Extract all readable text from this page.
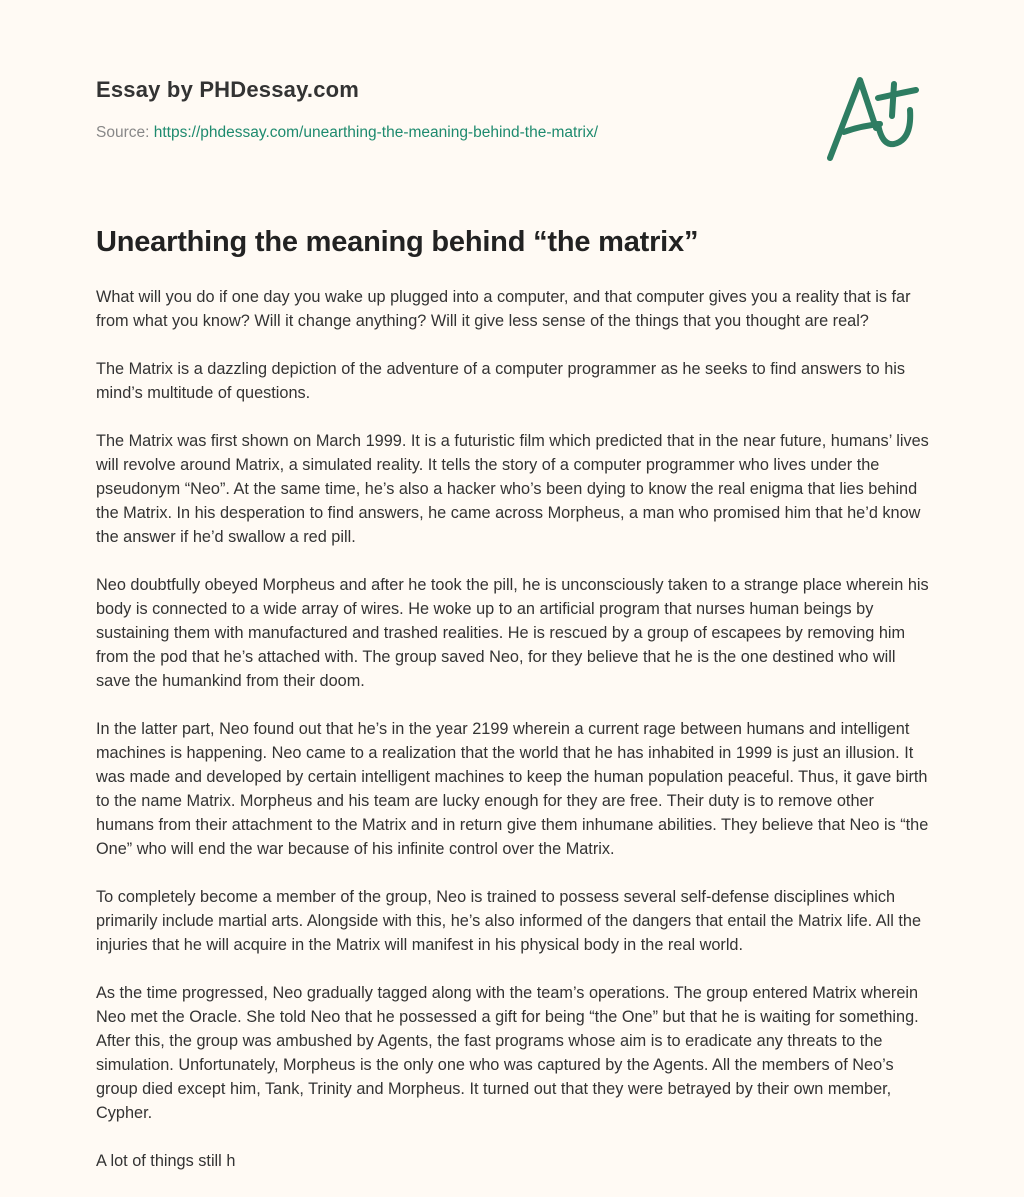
Essay by PHDessay.com
Source: https://phdessay.com/unearthing-the-meaning-behind-the-matrix/
Unearthing the meaning behind “the matrix”

What will you do if one day you wake up plugged into a computer, and that computer gives you a reality that is far from what you know? Will it change anything? Will it give less sense of the things that you thought are real?

The Matrix is a dazzling depiction of the adventure of a computer programmer as he seeks to find answers to his mind’s multitude of questions.

The Matrix was first shown on March 1999. It is a futuristic film which predicted that in the near future, humans’ lives will revolve around Matrix, a simulated reality. It tells the story of a computer programmer who lives under the pseudonym “Neo”. At the same time, he’s also a hacker who’s been dying to know the real enigma that lies behind the Matrix. In his desperation to find answers, he came across Morpheus, a man who promised him that he’d know the answer if he’d swallow a red pill.

Neo doubtfully obeyed Morpheus and after he took the pill, he is unconsciously taken to a strange place wherein his body is connected to a wide array of wires. He woke up to an artificial program that nurses human beings by sustaining them with manufactured and trashed realities. He is rescued by a group of escapees by removing him from the pod that he’s attached with. The group saved Neo, for they believe that he is the one destined who will save the humankind from their doom.

In the latter part, Neo found out that he’s in the year 2199 wherein a current rage between humans and intelligent machines is happening. Neo came to a realization that the world that he has inhabited in 1999 is just an illusion. It was made and developed by certain intelligent machines to keep the human population peaceful. Thus, it gave birth to the name Matrix. Morpheus and his team are lucky enough for they are free. Their duty is to remove other humans from their attachment to the Matrix and in return give them inhumane abilities. They believe that Neo is “the One” who will end the war because of his infinite control over the Matrix.

To completely become a member of the group, Neo is trained to possess several self-defense disciplines which primarily include martial arts. Alongside with this, he’s also informed of the dangers that entail the Matrix life. All the injuries that he will acquire in the Matrix will manifest in his physical body in the real world.

As the time progressed, Neo gradually tagged along with the team’s operations. The group entered Matrix wherein Neo met the Oracle. She told Neo that he possessed a gift for being “the One” but that he is waiting for something. After this, the group was ambushed by Agents, the fast programs whose aim is to eradicate any threats to the simulation. Unfortunately, Morpheus is the only one who was captured by the Agents. All the members of Neo’s group died except him, Tank, Trinity and Morpheus. It turned out that they were betrayed by their own member, Cypher.

A lot of things still h
